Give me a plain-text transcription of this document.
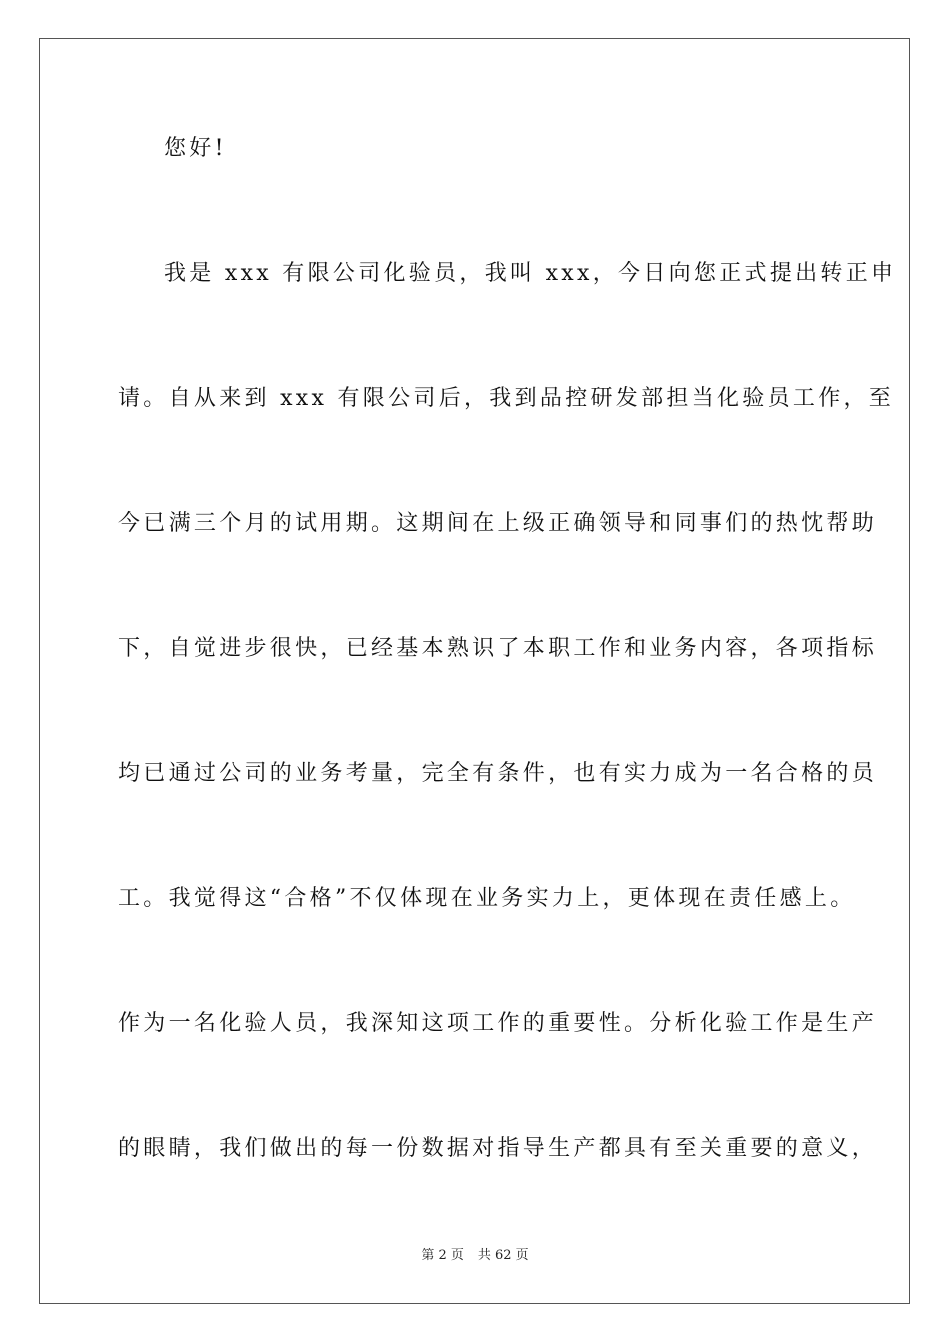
您好!
我是 xxx 有限公司化验员，我叫 xxx，今日向您正式提出转正申
请。自从来到 xxx 有限公司后，我到品控研发部担当化验员工作，至
今已满三个月的试用期。这期间在上级正确领导和同事们的热忱帮助
下，自觉进步很快，已经基本熟识了本职工作和业务内容，各项指标
均已通过公司的业务考量，完全有条件，也有实力成为一名合格的员
工。我觉得这“合格”不仅体现在业务实力上，更体现在责任感上。
作为一名化验人员，我深知这项工作的重要性。分析化验工作是生产
的眼睛，我们做出的每一份数据对指导生产都具有至关重要的意义，
第 2 页 共 62 页
